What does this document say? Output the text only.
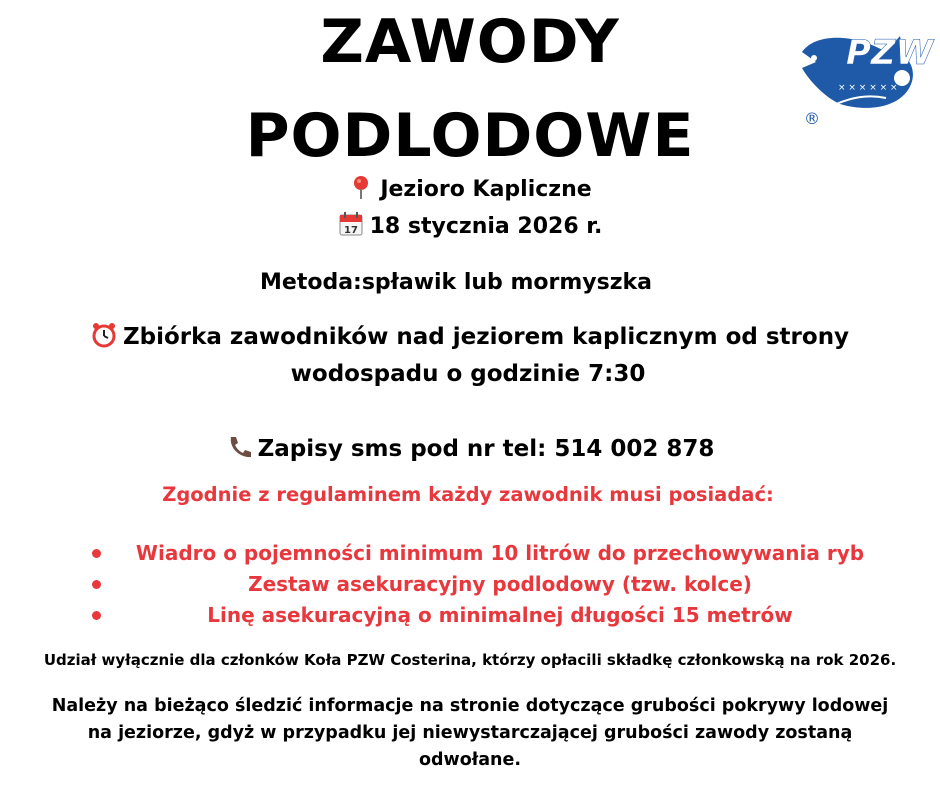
ZAWODY
PODLODOWE
PZW
× × × × × ×
®
Jezioro Kapliczne
17 18 stycznia 2026 r.
Metoda:spławik lub mormyszka
Zbiórka zawodników nad jeziorem kaplicznym od strony
wodospadu o godzinie 7:30
Zapisy sms pod nr tel: 514 002 878
Zgodnie z regulaminem każdy zawodnik musi posiadać:
Wiadro o pojemności minimum 10 litrów do przechowywania ryb
Zestaw asekuracyjny podlodowy (tzw. kolce)
Linę asekuracyjną o minimalnej długości 15 metrów
Udział wyłącznie dla członków Koła PZW Costerina, którzy opłacili składkę członkowską na rok 2026.
Należy na bieżąco śledzić informacje na stronie dotyczące grubości pokrywy lodowej
na jeziorze, gdyż w przypadku jej niewystarczającej grubości zawody zostaną
odwołane.
